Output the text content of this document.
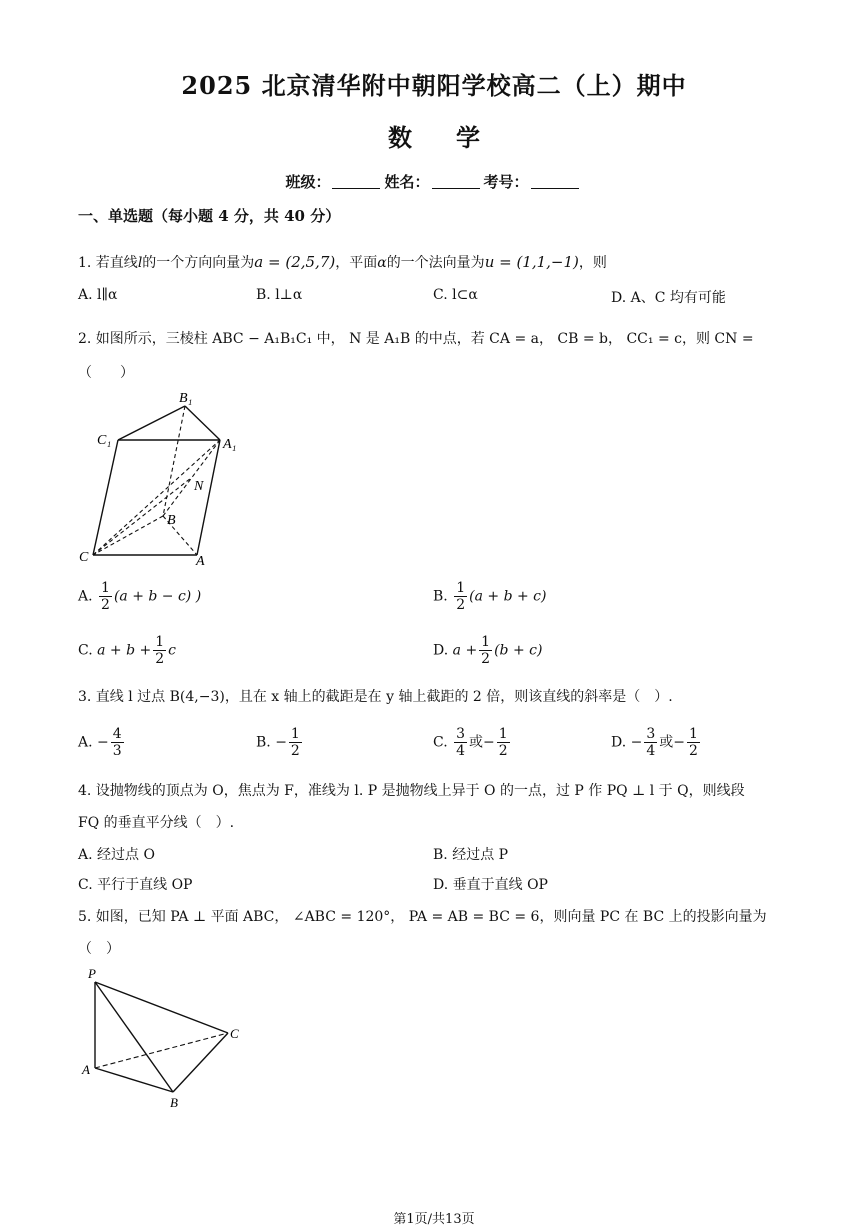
2025 北京清华附中朝阳学校高二（上）期中
数 学
班级：	姓名：	考号：
一、单选题（每小题 4 分，共 40 分）
1. 若直线l的一个方向向量为a = (2,5,7)，平面α的一个法向量为u = (1,1,−1)，则
A. l∥α	B. l⊥α	C. l⊂α	D. A、C 均有可能
2. 如图所示，三棱柱 ABC − A₁B₁C₁ 中， N 是 A₁B 的中点，若 CA = a， CB = b， CC₁ = c，则 CN =
（　　）
B₁
C₁	A₁
N
B
C	A
A. $\frac{1}{2} (a + b - c)$ )	B. $\frac{1}{2} (a + b + c)$
C. $a + b + \frac{1}{2}$ c	D. $a + \frac{1}{2} (b + c)$
3. 直线 l 过点 B(4,−3)，且在 x 轴上的截距是在 y 轴上截距的 2 倍，则该直线的斜率是（　）.
A. − $\frac{4}{3}$	B. − $\frac{1}{2}$	C. $\frac{3}{4}$ 或− $\frac{1}{2}$	D. − $\frac{3}{4}$ 或− $\frac{1}{2}$
4. 设抛物线的顶点为 O，焦点为 F，准线为 l. P 是抛物线上异于 O 的一点，过 P 作 PQ ⊥ l 于 Q，则线段
FQ 的垂直平分线（　）.
A. 经过点 O	B. 经过点 P
C. 平行于直线 OP	D. 垂直于直线 OP
5. 如图，已知 PA ⊥ 平面 ABC， ∠ABC = 120°， PA = AB = BC = 6，则向量 PC 在 BC 上的投影向量为
（　）
P
C
A
B
第1页/共13页
